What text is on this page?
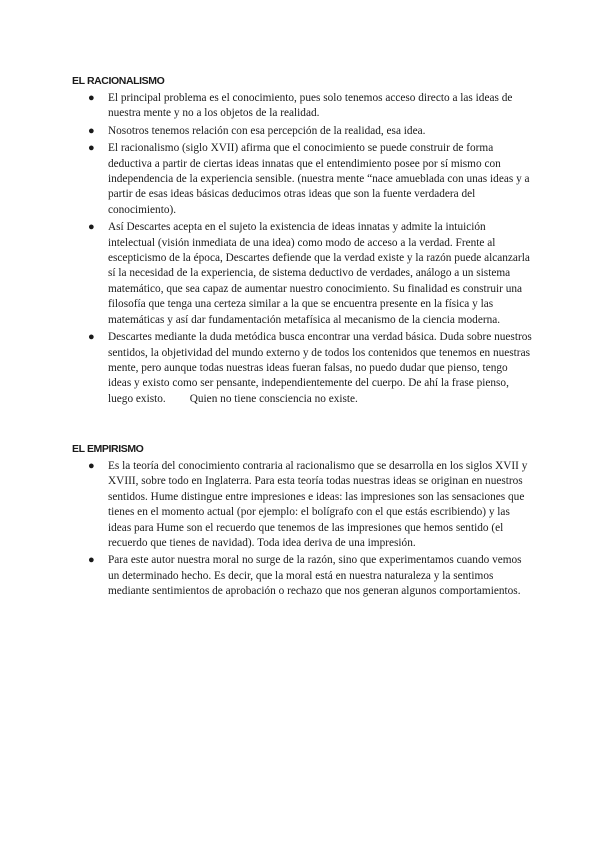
EL RACIONALISMO
● El principal problema es el conocimiento, pues solo tenemos acceso directo a las ideas de nuestra mente y no a los objetos de la realidad.
● Nosotros tenemos relación con esa percepción de la realidad, esa idea.
● El racionalismo (siglo XVII) afirma que el conocimiento se puede construir de forma deductiva a partir de ciertas ideas innatas que el entendimiento posee por sí mismo con independencia de la experiencia sensible. (nuestra mente “nace amueblada con unas ideas y a partir de esas ideas básicas deducimos otras ideas que son la fuente verdadera del conocimiento).
● Así Descartes acepta en el sujeto la existencia de ideas innatas y admite la intuición intelectual (visión inmediata de una idea) como modo de acceso a la verdad. Frente al escepticismo de la época, Descartes defiende que la verdad existe y la razón puede alcanzarla sí la necesidad de la experiencia, de sistema deductivo de verdades, análogo a un sistema matemático, que sea capaz de aumentar nuestro conocimiento. Su finalidad es construir una filosofía que tenga una certeza similar a la que se encuentra presente en la física y las matemáticas y así dar fundamentación metafísica al mecanismo de la ciencia moderna.
● Descartes mediante la duda metódica busca encontrar una verdad básica. Duda sobre nuestros sentidos, la objetividad del mundo externo y de todos los contenidos que tenemos en nuestras mente, pero aunque todas nuestras ideas fueran falsas, no puedo dudar que pienso, tengo ideas y existo como ser pensante, independientemente del cuerpo. De ahí la frase pienso, luego existo. Quien no tiene consciencia no existe.
EL EMPIRISMO
● Es la teoría del conocimiento contraria al racionalismo que se desarrolla en los siglos XVII y XVIII, sobre todo en Inglaterra. Para esta teoría todas nuestras ideas se originan en nuestros sentidos. Hume distingue entre impresiones e ideas: las impresiones son las sensaciones que tienes en el momento actual (por ejemplo: el bolígrafo con el que estás escribiendo) y las ideas para Hume son el recuerdo que tenemos de las impresiones que hemos sentido (el recuerdo que tienes de navidad). Toda idea deriva de una impresión.
● Para este autor nuestra moral no surge de la razón, sino que experimentamos cuando vemos un determinado hecho. Es decir, que la moral está en nuestra naturaleza y la sentimos mediante sentimientos de aprobación o rechazo que nos generan algunos comportamientos.
